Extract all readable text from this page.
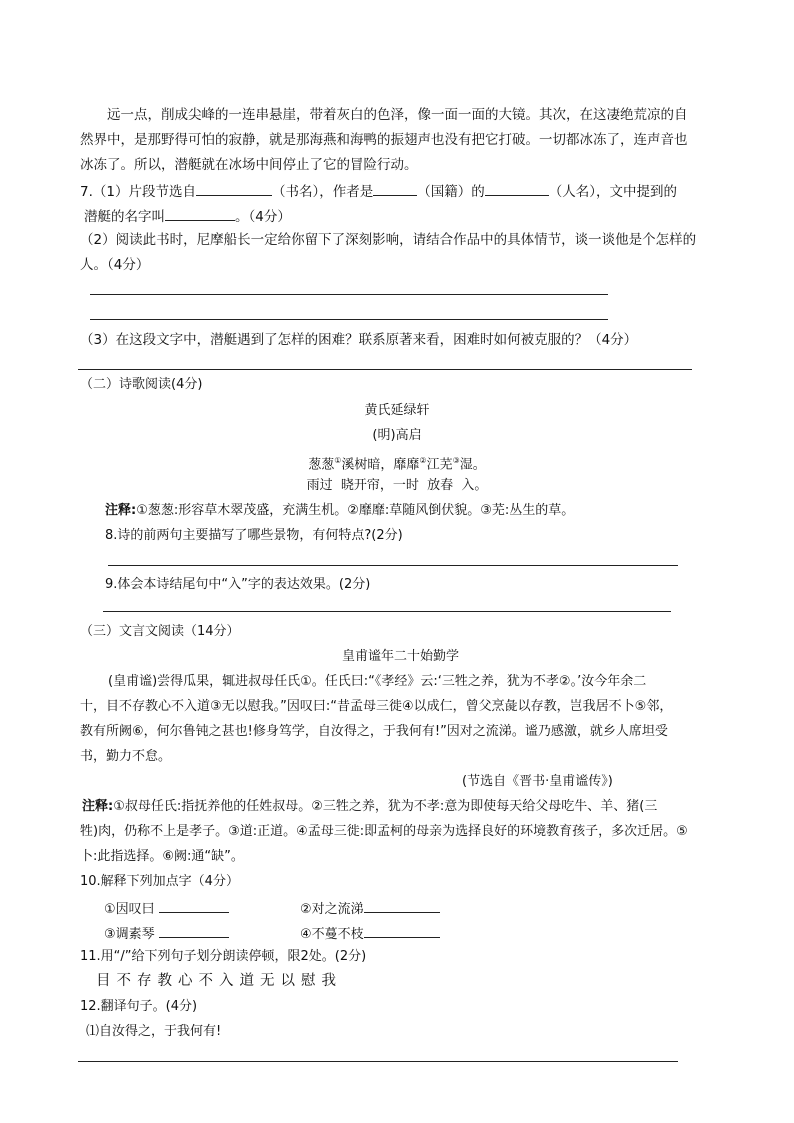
远一点，削成尖峰的一连串悬崖，带着灰白的色泽，像一面一面的大镜。其次，在这凄绝荒凉的自
然界中，是那野得可怕的寂静，就是那海燕和海鸭的振翅声也没有把它打破。一切都冰冻了，连声音也
冰冻了。所以，潜艇就在冰场中间停止了它的冒险行动。
7.（1）片段节选自	（书名），作者是	（国籍）的	（人名），文中提到的
潜艇的名字叫	。（4分）
（2）阅读此书时，尼摩船长一定给你留下了深刻影响，请结合作品中的具体情节，谈一谈他是个怎样的
人。（4分）
（3）在这段文字中，潜艇遇到了怎样的困难？联系原著来看，困难时如何被克服的？（4分）
（二）诗歌阅读(4分)
黄氏延绿轩
(明)高启
葱葱①溪树暗，靡靡②江芜③湿。
雨过  晓开帘，一时  放春  入。
注释:①葱葱:形容草木翠茂盛，充满生机。②靡靡:草随风倒伏貌。③芜:丛生的草。
8.诗的前两句主要描写了哪些景物，有何特点?(2分)
9.体会本诗结尾句中“入”字的表达效果。(2分)
（三）文言文阅读（14分）
皇甫谧年二十始勤学
(皇甫谧)尝得瓜果，辄进叔母任氏①。任氏曰:“《孝经》云:‘三牲之养，犹为不孝②。’汝今年余二
十，目不存教心不入道③无以慰我。”因叹曰:“昔孟母三徙④以成仁，曾父烹彘以存教，岂我居不卜⑤邻，
教有所阙⑥，何尔鲁钝之甚也!修身笃学，自汝得之，于我何有!”因对之流涕。谧乃感激，就乡人席坦受
书，勤力不怠。
(节选自《晋书·皇甫谧传》)
注释:①叔母任氏:指抚养他的任姓叔母。②三牲之养，犹为不孝:意为即使每天给父母吃牛、羊、猪(三
牲)肉，仍称不上是孝子。③道:正道。④孟母三徙:即孟柯的母亲为选择良好的环境教育孩子，多次迁居。⑤
卜:此指选择。⑥阙:通“缺”。
10.解释下列加点字（4分）
①因叹曰	②对之流涕
③调素琴	④不蔓不枝
11.用“/”给下列句子划分朗读停顿，限2处。(2分)
目不存教心不入道无以慰我
12.翻译句子。(4分)
⑴自汝得之，于我何有!
